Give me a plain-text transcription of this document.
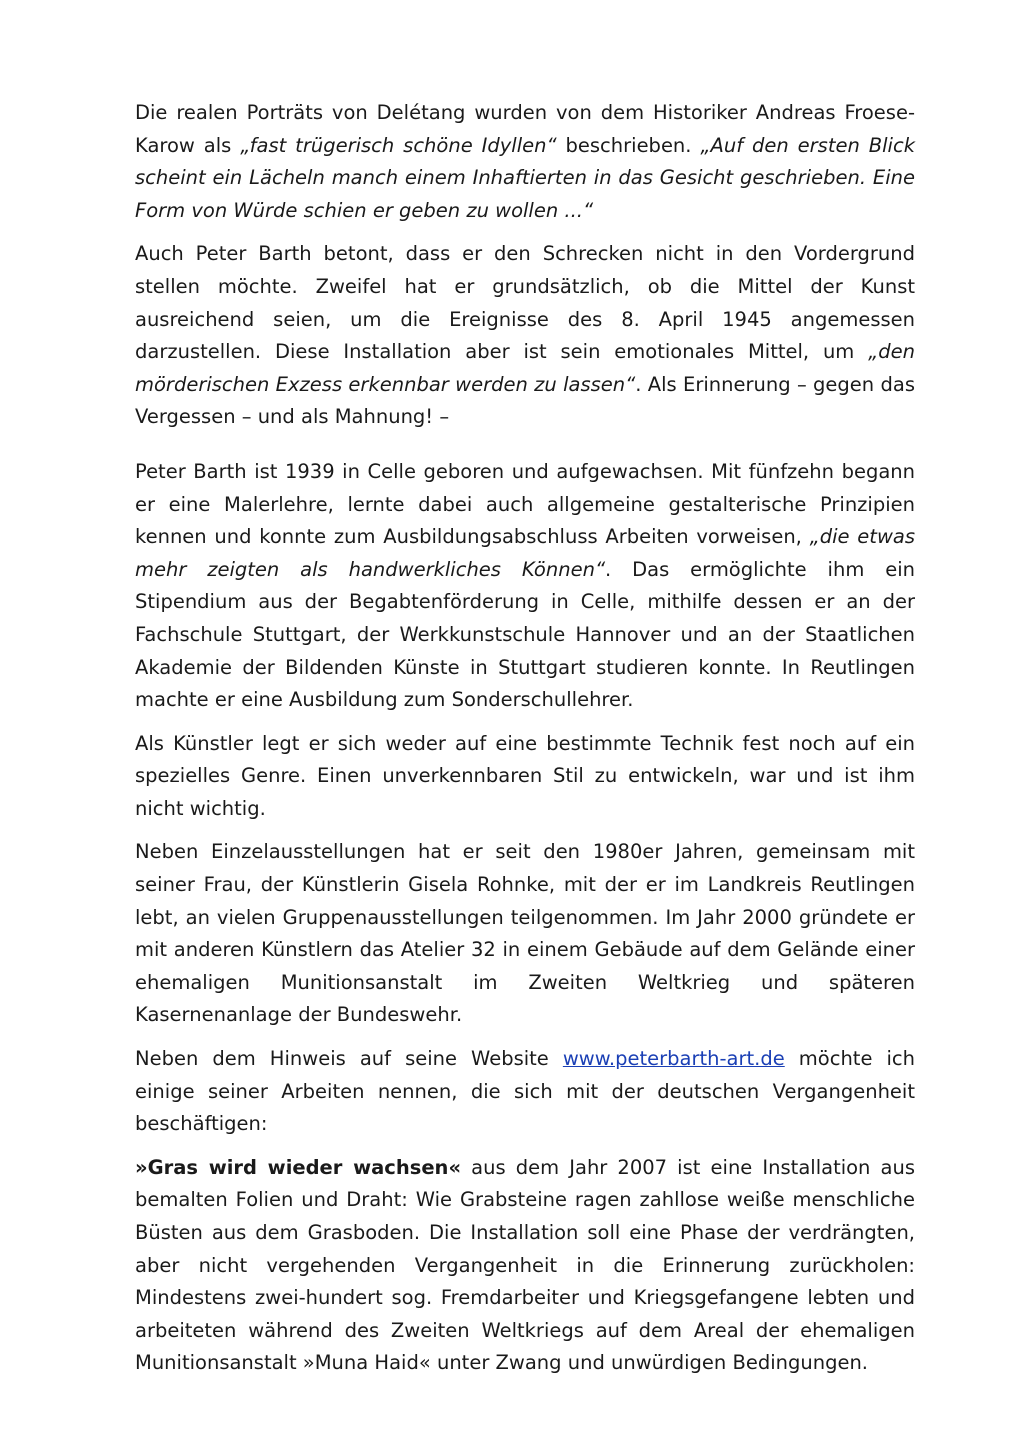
Die realen Porträts von Delétang wurden von dem Historiker Andreas Froese-Karow als „fast trügerisch schöne Idyllen“ beschrieben. „Auf den ersten Blick scheint ein Lächeln manch einem Inhaftierten in das Gesicht geschrieben. Eine Form von Würde schien er geben zu wollen ...“

Auch Peter Barth betont, dass er den Schrecken nicht in den Vordergrund stellen möchte. Zweifel hat er grundsätzlich, ob die Mittel der Kunst ausreichend seien, um die Ereignisse des 8. April 1945 angemessen darzustellen. Diese Installation aber ist sein emotionales Mittel, um „den mörderischen Exzess erkennbar werden zu lassen“. Als Erinnerung – gegen das Vergessen – und als Mahnung! –

Peter Barth ist 1939 in Celle geboren und aufgewachsen. Mit fünfzehn begann er eine Malerlehre, lernte dabei auch allgemeine gestalterische Prinzipien kennen und konnte zum Ausbildungsabschluss Arbeiten vorweisen, „die etwas mehr zeigten als handwerkliches Können“. Das ermöglichte ihm ein Stipendium aus der Begabtenförderung in Celle, mithilfe dessen er an der Fachschule Stuttgart, der Werkkunstschule Hannover und an der Staatlichen Akademie der Bildenden Künste in Stuttgart studieren konnte. In Reutlingen machte er eine Ausbildung zum Sonderschullehrer.

Als Künstler legt er sich weder auf eine bestimmte Technik fest noch auf ein spezielles Genre. Einen unverkennbaren Stil zu entwickeln, war und ist ihm nicht wichtig.

Neben Einzelausstellungen hat er seit den 1980er Jahren, gemeinsam mit seiner Frau, der Künstlerin Gisela Rohnke, mit der er im Landkreis Reutlingen lebt, an vielen Gruppenausstellungen teilgenommen. Im Jahr 2000 gründete er mit anderen Künstlern das Atelier 32 in einem Gebäude auf dem Gelände einer ehemaligen Munitionsanstalt im Zweiten Weltkrieg und späteren Kasernenanlage der Bundeswehr.

Neben dem Hinweis auf seine Website www.peterbarth-art.de möchte ich einige seiner Arbeiten nennen, die sich mit der deutschen Vergangenheit beschäftigen:

»Gras wird wieder wachsen« aus dem Jahr 2007 ist eine Installation aus bemalten Folien und Draht: Wie Grabsteine ragen zahllose weiße menschliche Büsten aus dem Grasboden. Die Installation soll eine Phase der verdrängten, aber nicht vergehenden Vergangenheit in die Erinnerung zurückholen: Mindestens zwei-hundert sog. Fremdarbeiter und Kriegsgefangene lebten und arbeiteten während des Zweiten Weltkriegs auf dem Areal der ehemaligen Munitionsanstalt »Muna Haid« unter Zwang und unwürdigen Bedingungen.
